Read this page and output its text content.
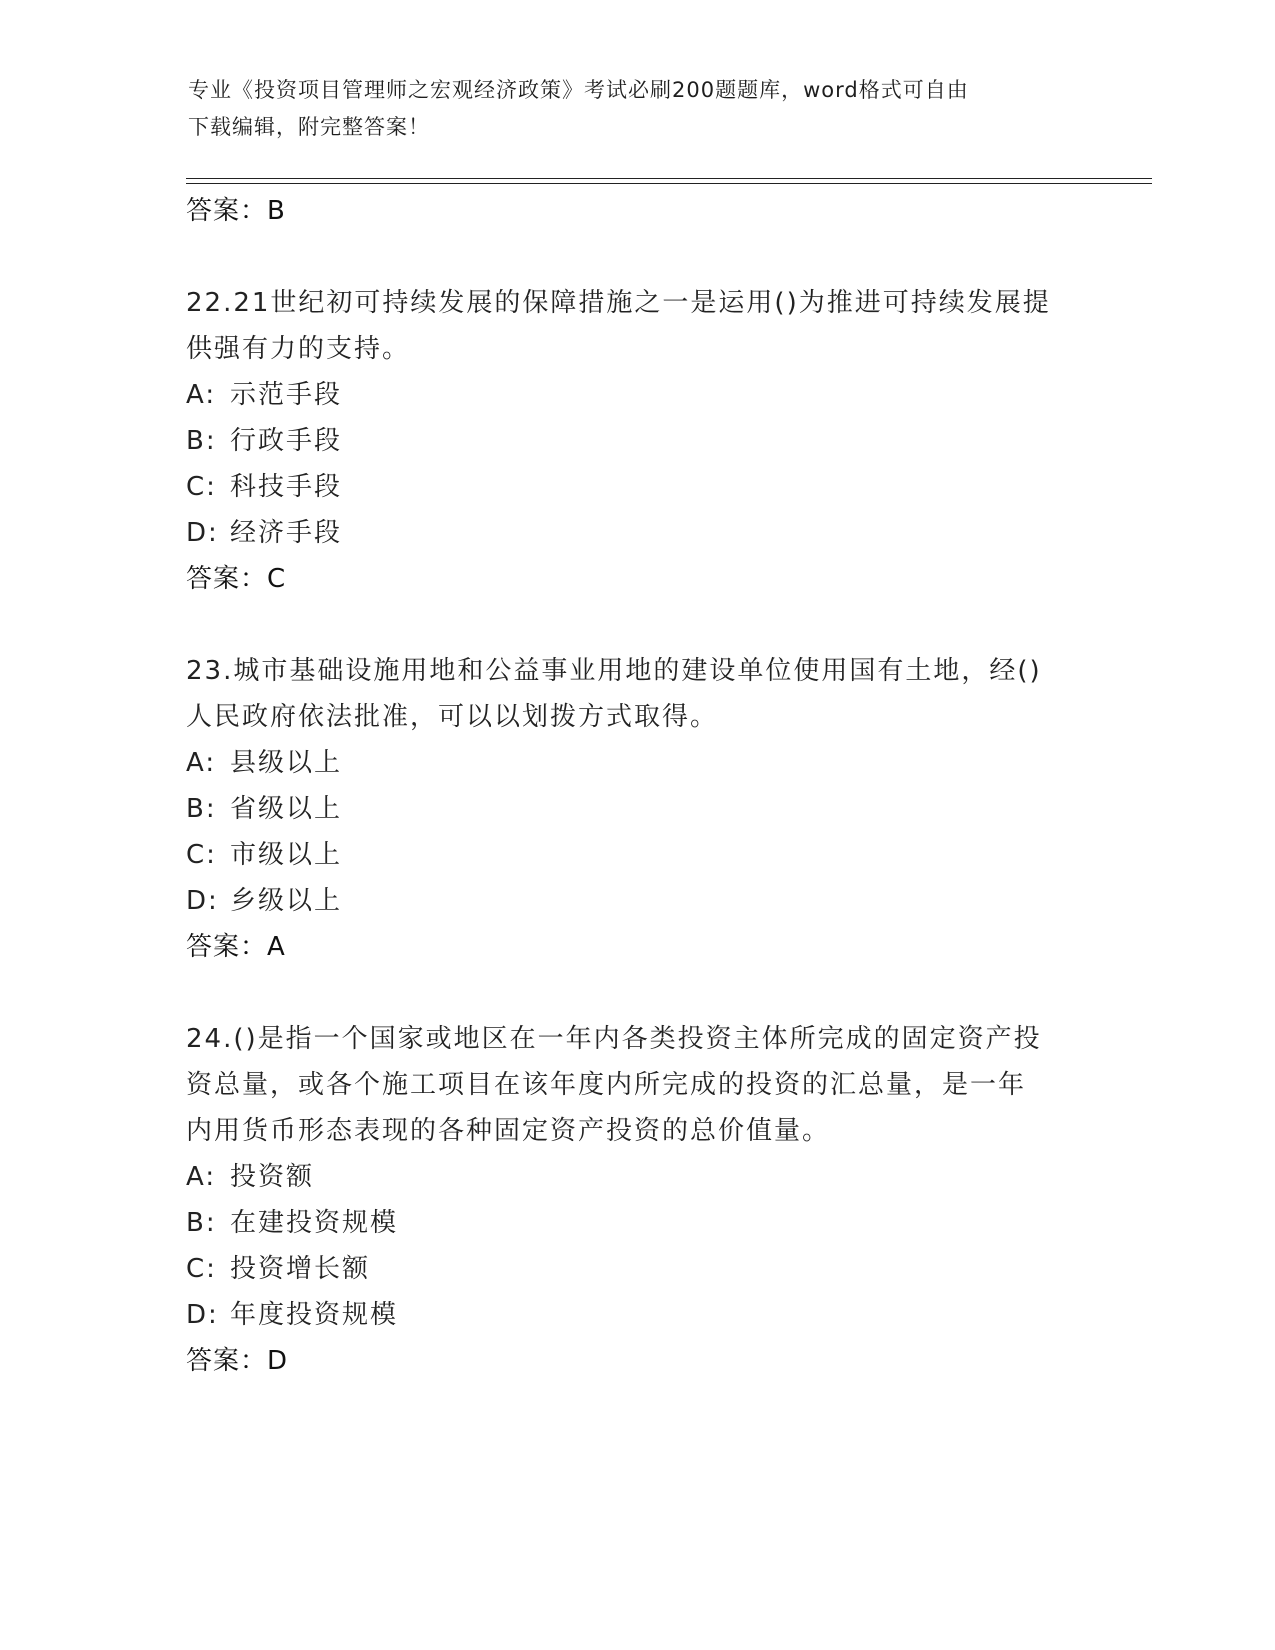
专业《投资项目管理师之宏观经济政策》考试必刷200题题库，word格式可自由
下载编辑，附完整答案！
答案：B
22.21世纪初可持续发展的保障措施之一是运用()为推进可持续发展提
供强有力的支持。
A: 示范手段
B: 行政手段
C: 科技手段
D: 经济手段
答案：C
23.城市基础设施用地和公益事业用地的建设单位使用国有土地，经()
人民政府依法批准，可以以划拨方式取得。
A: 县级以上
B: 省级以上
C: 市级以上
D: 乡级以上
答案：A
24.()是指一个国家或地区在一年内各类投资主体所完成的固定资产投
资总量，或各个施工项目在该年度内所完成的投资的汇总量，是一年
内用货币形态表现的各种固定资产投资的总价值量。
A: 投资额
B: 在建投资规模
C: 投资增长额
D: 年度投资规模
答案：D
